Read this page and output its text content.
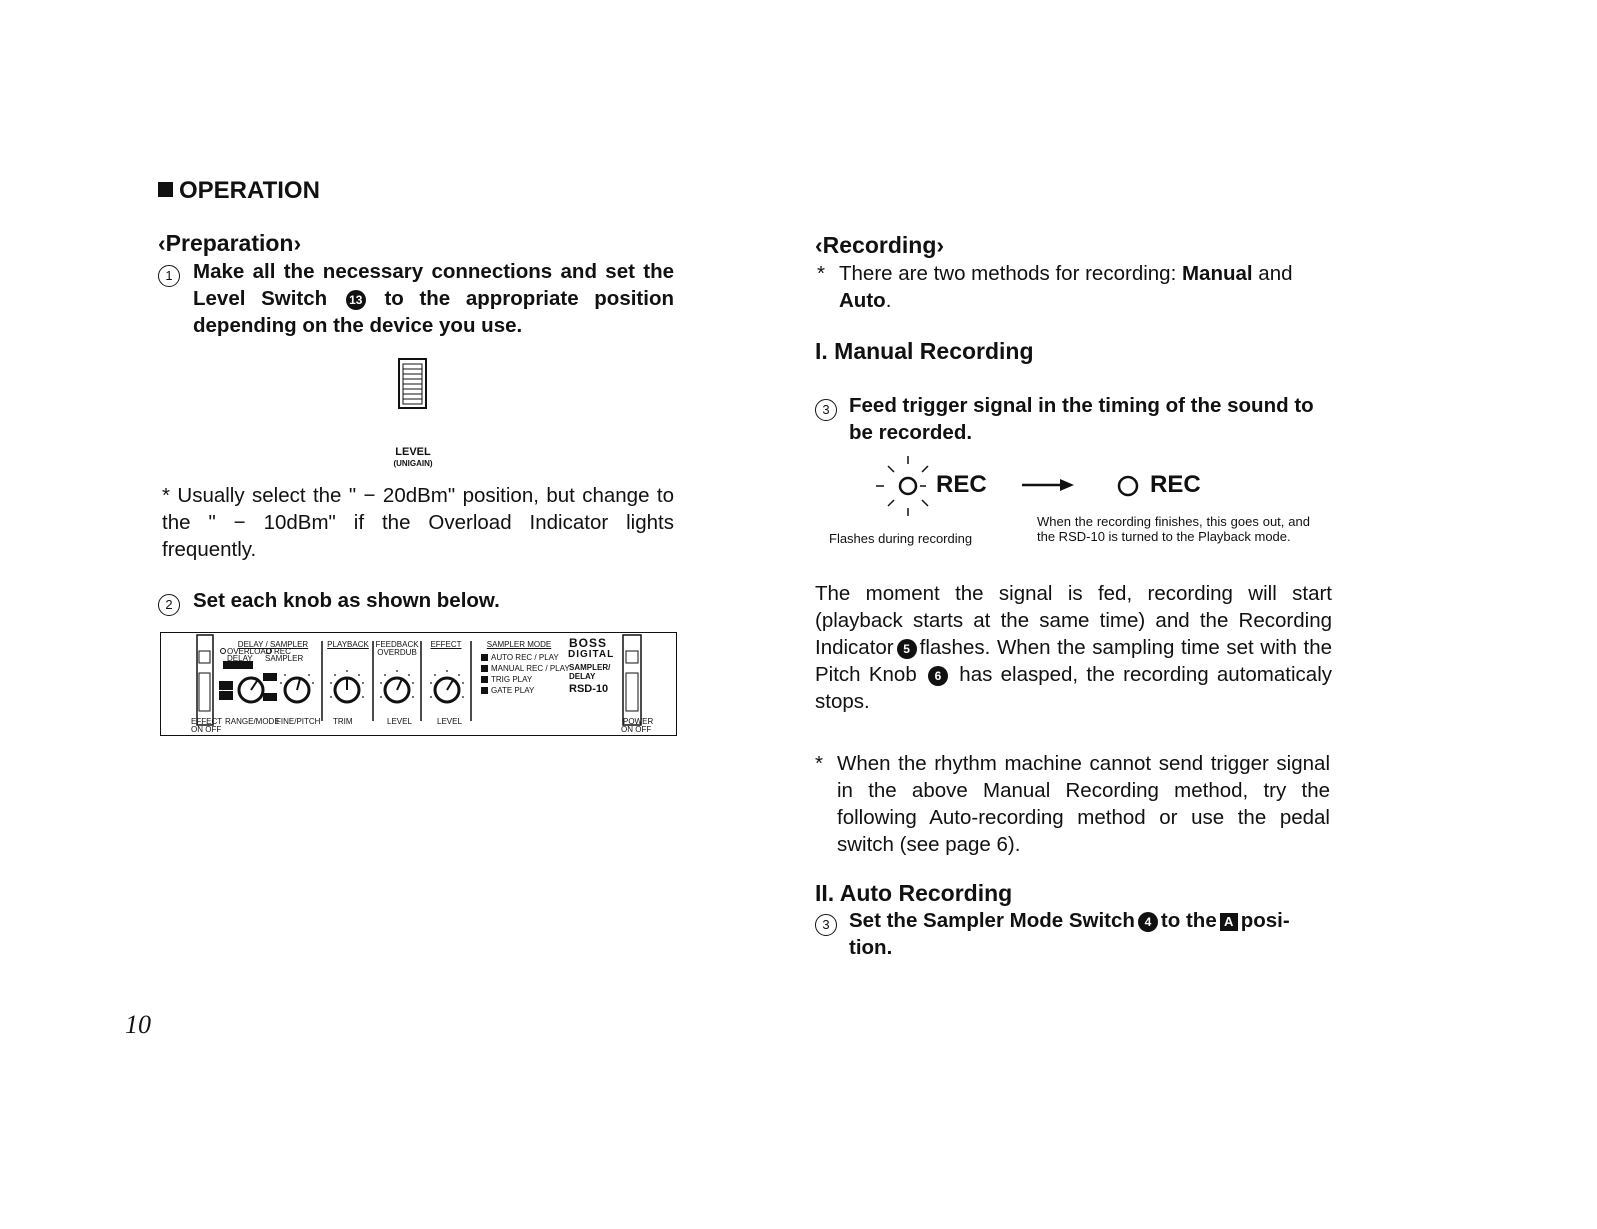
OPERATION
‹Preparation›
1 Make all the necessary connections and set the Level Switch 13 to the appropriate position depending on the device you use.
LEVEL
(UNIGAIN)
* Usually select the " − 20dBm" position, but change to the " − 10dBm" if the Overload Indicator lights frequently.
2 Set each knob as shown below.
DELAY / SAMPLER	PLAYBACK FEEDBACK
OVERDUB
EFFECT	SAMPLER MODE
AUTO REC / PLAY
MANUAL REC / PLAY
TRIG PLAY
GATE PLAY
OVERLOAD REC
DELAY SAMPLER
BOSS
DIGITAL
SAMPLER/ DELAY
RSD-10
EFFECT
ON OFF
RANGE/MODE
FINE/PITCH TRIM	LEVEL	LEVEL	POWER
ON OFF
10
‹Recording›
* There are two methods for recording: Manual and Auto.
I. Manual Recording
3 Feed trigger signal in the timing of the sound to be recorded.
REC
Flashes during recording
REC
When the recording finishes, this goes out, and the RSD-10 is turned to the Playback mode.
The moment the signal is fed, recording will start (playback starts at the same time) and the Recording Indicator 5 flashes. When the sampling time set with the Pitch Knob 6 has elasped, the recording automaticaly stops.
* When the rhythm machine cannot send trigger signal in the above Manual Recording method, try the following Auto-recording method or use the pedal switch (see page 6).
II. Auto Recording
3 Set the Sampler Mode Switch 4 to the A posi- tion.
